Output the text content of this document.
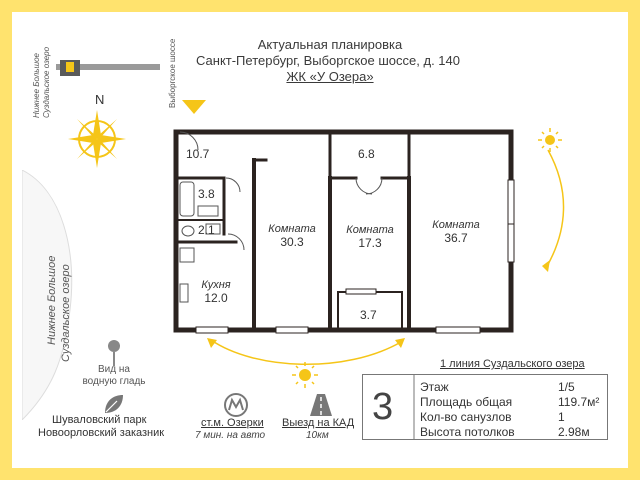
Актуальная планировка
Санкт-Петербург, Выборгское шоссе, д. 140
ЖК «У Озера»
Нижнее Большое Суздальское озеро	Выборгское шоссе
N
Нижнее Большое Суздальское озеро
10.7
3.8
2.1
Кухня
12.0
Комната
30.3
6.8
Комната
17.3
3.7
Комната
36.7
1 линия Суздальского озера
3 Этаж	1/5
Площадь общая	119.7м²
Кол-во санузлов	1
Высота потолков	2.98м
Вид на
водную гладь
Шуваловский парк
Новоорловский заказник
ст.м. Озерки
7 мин. на авто
Выезд на КАД
10км
